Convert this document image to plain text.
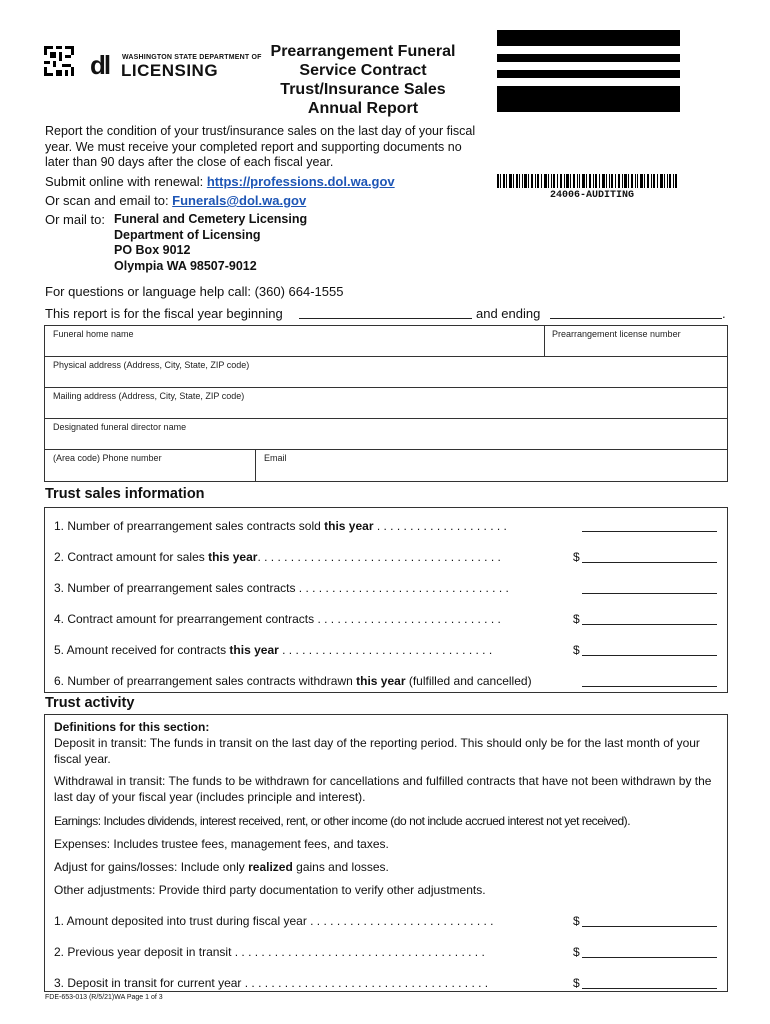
dl WASHINGTON STATE DEPARTMENT OF
LICENSING
Prearrangement Funeral
Service Contract
Trust/Insurance Sales
Annual Report
Report the condition of your trust/insurance sales on the last day of your fiscal year. We must receive your completed report and supporting documents no later than 90 days after the close of each fiscal year.
Submit online with renewal: https://professions.dol.wa.gov
Or scan and email to: Funerals@dol.wa.gov
Or mail to: Funeral and Cemetery Licensing
Department of Licensing
PO Box 9012
Olympia WA 98507-9012
24006-AUDITING
For questions or language help call: (360) 664-1555
This report is for the fiscal year beginning	and ending	.
Funeral home name	Prearrangement license number
Physical address (Address, City, State, ZIP code)
Mailing address (Address, City, State, ZIP code)
Designated funeral director name
(Area code) Phone number	Email
Trust sales information
1. Number of prearrangement sales contracts sold this year . . . . . . . . . . . . . . . . . . . .
2. Contract amount for sales this year. . . . . . . . . . . . . . . . . . . . . . . . . . . . . . . . . . . . .	$
3. Number of prearrangement sales contracts . . . . . . . . . . . . . . . . . . . . . . . . . . . . . . . .
4. Contract amount for prearrangement contracts . . . . . . . . . . . . . . . . . . . . . . . . . . . .	$
5. Amount received for contracts this year . . . . . . . . . . . . . . . . . . . . . . . . . . . . . . . .	$
6. Number of prearrangement sales contracts withdrawn this year (fulfilled and cancelled)
Trust activity
Definitions for this section:
Deposit in transit: The funds in transit on the last day of the reporting period. This should only be for the last month of your fiscal year.
Withdrawal in transit: The funds to be withdrawn for cancellations and fulfilled contracts that have not been withdrawn by the last day of your fiscal year (includes principle and interest).
Earnings: Includes dividends, interest received, rent, or other income (do not include accrued interest not yet received).
Expenses: Includes trustee fees, management fees, and taxes.
Adjust for gains/losses: Include only realized gains and losses.
Other adjustments: Provide third party documentation to verify other adjustments.
1. Amount deposited into trust during fiscal year . . . . . . . . . . . . . . . . . . . . . . . . . . . .	$
2. Previous year deposit in transit . . . . . . . . . . . . . . . . . . . . . . . . . . . . . . . . . . . . . .	$
3. Deposit in transit for current year . . . . . . . . . . . . . . . . . . . . . . . . . . . . . . . . . . . . .	$
FDE-653-013 (R/5/21)WA Page 1 of 3
